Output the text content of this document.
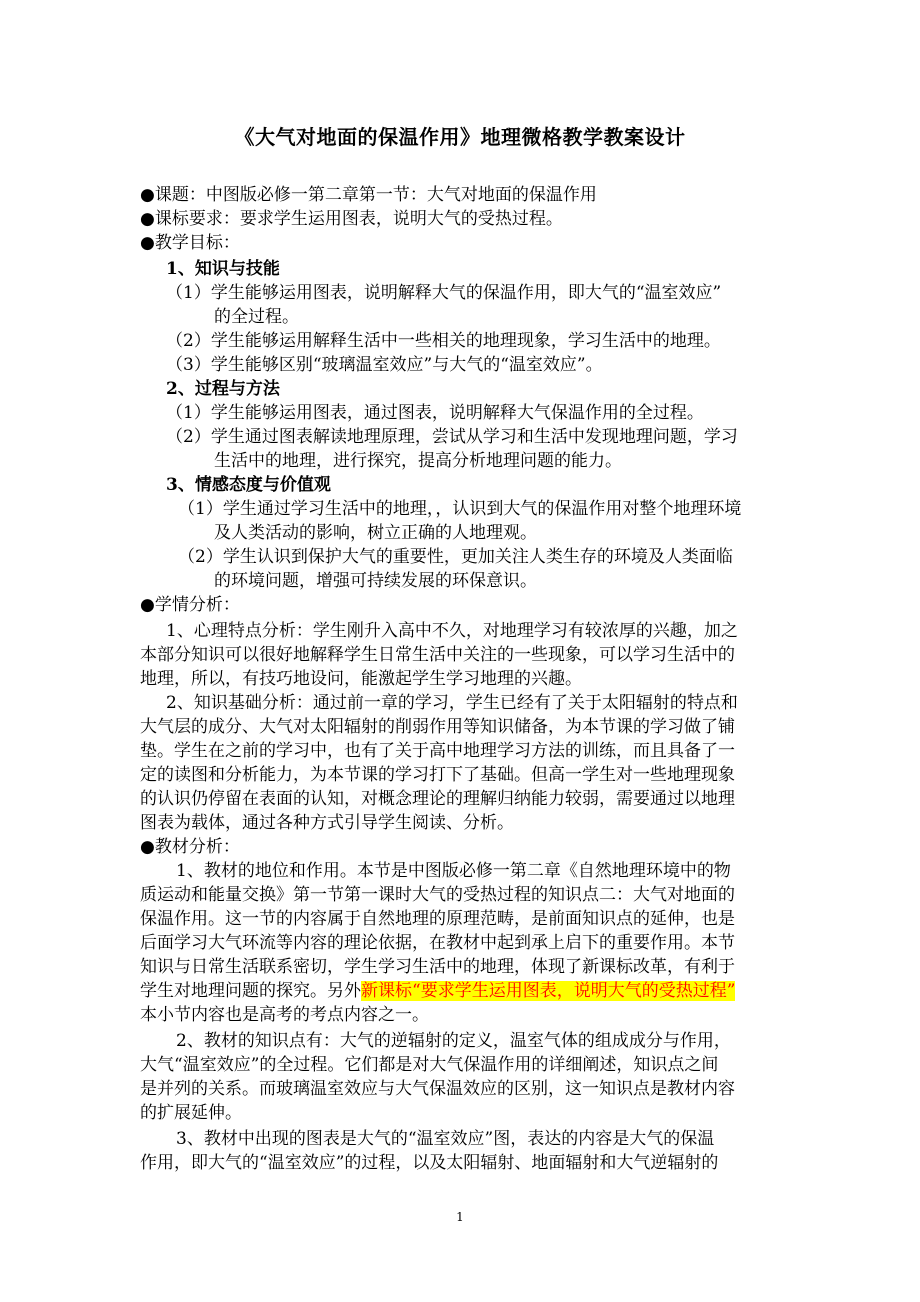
《大气对地面的保温作用》地理微格教学教案设计
●课题：中图版必修一第二章第一节：大气对地面的保温作用
●课标要求：要求学生运用图表，说明大气的受热过程。
●教学目标：
1、知识与技能
（1）学生能够运用图表，说明解释大气的保温作用，即大气的“温室效应”
的全过程。
（2）学生能够运用解释生活中一些相关的地理现象，学习生活中的地理。
（3）学生能够区别“玻璃温室效应”与大气的“温室效应”。
2、过程与方法
（1）学生能够运用图表，通过图表，说明解释大气保温作用的全过程。
（2）学生通过图表解读地理原理，尝试从学习和生活中发现地理问题，学习
生活中的地理，进行探究，提高分析地理问题的能力。
3、情感态度与价值观
（1）学生通过学习生活中的地理，，认识到大气的保温作用对整个地理环境
及人类活动的影响，树立正确的人地理观。
（2）学生认识到保护大气的重要性，更加关注人类生存的环境及人类面临
的环境问题，增强可持续发展的环保意识。
●学情分析：
1、心理特点分析：学生刚升入高中不久，对地理学习有较浓厚的兴趣，加之
本部分知识可以很好地解释学生日常生活中关注的一些现象，可以学习生活中的
地理，所以，有技巧地设问，能激起学生学习地理的兴趣。
2、知识基础分析：通过前一章的学习，学生已经有了关于太阳辐射的特点和
大气层的成分、大气对太阳辐射的削弱作用等知识储备，为本节课的学习做了铺
垫。学生在之前的学习中，也有了关于高中地理学习方法的训练，而且具备了一
定的读图和分析能力，为本节课的学习打下了基础。但高一学生对一些地理现象
的认识仍停留在表面的认知，对概念理论的理解归纳能力较弱，需要通过以地理
图表为载体，通过各种方式引导学生阅读、分析。
●教材分析：
1、教材的地位和作用。本节是中图版必修一第二章《自然地理环境中的物
质运动和能量交换》第一节第一课时大气的受热过程的知识点二：大气对地面的
保温作用。这一节的内容属于自然地理的原理范畴，是前面知识点的延伸，也是
后面学习大气环流等内容的理论依据，在教材中起到承上启下的重要作用。本节
知识与日常生活联系密切，学生学习生活中的地理，体现了新课标改革，有利于
学生对地理问题的探究。另外新课标“要求学生运用图表，说明大气的受热过程”
本小节内容也是高考的考点内容之一。
2、教材的知识点有：大气的逆辐射的定义，温室气体的组成成分与作用，
大气“温室效应”的全过程。它们都是对大气保温作用的详细阐述，知识点之间
是并列的关系。而玻璃温室效应与大气保温效应的区别，这一知识点是教材内容
的扩展延伸。
3、教材中出现的图表是大气的“温室效应”图，表达的内容是大气的保温
作用，即大气的“温室效应”的过程，以及太阳辐射、地面辐射和大气逆辐射的
1
